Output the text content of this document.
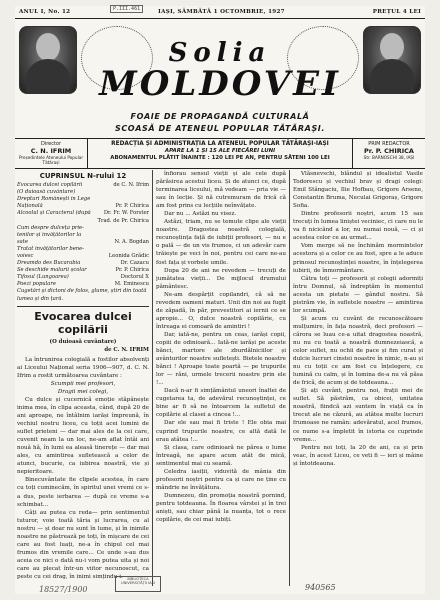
ANUL I, No. 12	IAȘI, SÂMBĂTĂ 1 OCTOMBRIE, 1927	PREȚUL 4 LEI
P.III.461
Solia
MOLDOVEI
FOAIE DE PROPAGANDĂ CULTURALĂ
SCOASĂ DE ATENEUL POPULAR TĂTĂRAȘI.
Director
C. N. IFRIM
Președintele Ateneului Popular Tătărași
REDACȚIA ȘI ADMINISTRAȚIA LA ATENEUL POPULAR TĂTĂRAȘI-IAȘI
APARE LA 1 ȘI 15 ALE FIECĂREI LUNI
ABONAMENTUL PLĂTIT ÎNAINTE : 120 LEI PE AN, PENTRU SĂTENI 100 LEI
PRIM REDACTOR
Pr. P. CHIRICA
Str. BARNOSCHI 38, IAȘI
CUPRINSUL N-rului 12
Evocarea dulcei copilării	de C. N. Ifrim
(O duioasă cuvântare)
Drepturi Românești în Lege
Națională	Pr. P. Chirica
Alcoolul și Caracterul (după	Dr. Fr. W. Forster
Trad. de Pr. Chirica
Cum despre dulceța prie-
tenilor și învățătorilor la
sate	N. A. Bogdan
Tratat învățătorilor bene-
voiesc	Leonida Grădic
Dreamdo des Bucarabia	Dr. Cazacu
Se deschide malurii școlar	Pr. P. Chirica
Tifosul (Lungoarea)	Doctorul X
Poezi populare	M. Eminescu
Cugetări și dictoni de folos, glume, știri din toată
lumea și din țară.
Evocarea dulcei copilării
(O duioasă cuvântare)
de C. N. IFRIM

La întrunirea colegială a fostilor absolvenți ai Liceului Național seria 1906—907, d. C. N. Ifrim a rostit următoarea cuvântare :

Scumpii mei profesori,

Dragii mei colegi,

Cu dulce și cucernică emoție stăpânește inima mea, în clipa aceasta, când, după 20 de ani aproape, ne întâlnim iarăși împreună, în vechiul nostru liceu, cu toții acei lumini de suflet prieteni — dar mai ales de la cei care, cuvenit neam la un loc, ne-am aflat întâi ani nouă hă, în lumi ea aleasă tinerețe — dar mai ales, cu amintirea sufletească a celor de atunci, bucurie, ca iubirea noastră, vie și nepieritoare.

Binecuvântate fie clipele acestea, în care cu toți cuminecăm, în spiritul unei vremi ce s-a dus, peste ierbarea — după ce vreme s-a schimbat...

Câți au putea cu reda— prin sentimentul tuturor, voie toată tăria și lucrarea, cu al nostru — și doar nu sunt în lume, și în inimile noastre ne păstrează pe toți, în mișcare de cei care au fost luați, ne-a în chipul cel mai frumos din vremile care... Ce unde s-au dus aceia ce nici o dată nu-i vom putea uita și noi care au plecat într-un viitor necunoscut, ca peste cu cei drag, în inimi simțindu-i.

înfiorau sensul vieții și ale cele după părăsirea acestui liceu. Și de atunci ce, după terminarea liceului, mă vedeam — pria vie — sau în lecție. Și nă cutremuram de frică că am fost prins cu lecțiile neînvățate.

Dar nu ... Astăzi nu visez.

Astăzi, triam, nu se temute clipe ale vieții noastre. Dragostea noastră colegială, recunoștința față de iubiții profesori, — nu e o pală — de un vis frumos, ci un adevăr care trăiește pe veci în noi, pentru cei care ne-au fost fața și vorbele umile.

Dupa 20 de ani ne revedem — trecuți de jumătatea vieții... De mijlocul drumului pământesc.

Ne-am despărțit copilandri, că să ne revedem oameni maturi. Unii din noi au fugit de zăpadă, în păr, prevestitori ai iernii ce se apropie... O, dulce noastră copilărie, cu întreaga ei comoară de amintiri !

Dar, iată-ne, pentru un ceas, iarăși copii, copiii de odinioară... Iată-ne iarăși pe aceste bănci, martore ale zburdălniciilor și avânturilor noastre sufletești. Bietele noastre bănci ! Aproape toate poartă — pe trupurile lor — răni, urmele trecerii noastre prin ele !...

Dacă n-ar fi simțământul uneori înaltei de cugetarea ta, de adevărul recunoștinței, ce bine ar fi să ne întoarcem la sufletul de copilărie al clasei a cincea !...

Dar ele sau mai fi triste ! Ele obia mai cuprind trupurile noastre, ce altă dată le erau atâtea !...

Și clasa, care odinioară ne părea o lume întreagă, ne apare acum atât de mică, sentimentul mai cu seamă.

Celedra iasiții, viduvită de mânia din profesorii noștri pentru ca și care ne ține cu mândrie ne învățătura.

Dumnezeu, din promoția noastră pornind, pentru totdeauna. În floarea vârstei și în trei aniști, sau chiar până la nuanța, tot o rece copilărie, de cei mai iubiți.

Vlăsnevschi, blândul și idealistul Vasile Todorescu și vechiul brav și dragi colegi: Emil Stângaciu, Ilie Hofbau, Grigore Arsene, Constantin Bruma, Neculai Grigoraș, Grigore Sofia.

Dintre profesorii noștri, acum 15 sau trecuți în lumea liniștei veciniec, ci care nu le va fi nicicând a lor, nu numai nouă, — ci și acestea celor ce au urmat...

Vom merge să ne închinăm mormintelor acestora și a celor ce au fost, spre a le aduce prinosul recunoștinței noastre, în înțelegerea iubirii, de înmormântare.

Câtra toți — profesorii și colegii adormiți întru Domnul, să îndreptăm în momentul acesta un pietate — gândul nostru. Să pistrăm vie, în sufletele noastre — amintirea lor scumpă.

Și acum cu cuvânt de recunoscătoare mulțumire, în fața noastră, deci profesori — cărora se luau ce-a uitat dragostea noastră, nu nu cu toată a noastră dumnezeiască, a celor suflet, nu ochii de pace și fim curat și dulcie lucruri cinstei noastre în nimic, n-au și nu cu toții ce am fost cu înțelegere, cu lumină cu calm, și în lumina de-a nu vă păsa de frică, de acum și de totdeauna...

Și ați cuvânt, pentru noi, frații mei de suflet. Să păstrăm, ca obicei, unitatea noastră, fiindcă azi suntem în viață ca în trecut ale ne căzură, au atâtea multe lucruri frumoase ne ramân: adevăratul, acel frumos, ce nume s-a împletit în istoria ce cuprinde vreme...

Pentru noi toți, la 20 de ani, ca și prin veac, în acest Liceu, ce veti fi — ieri și mâine și întotdeauna.

18527/1900
BIBLIOTECA UNIVERSITĂȚII IAȘI	940565
